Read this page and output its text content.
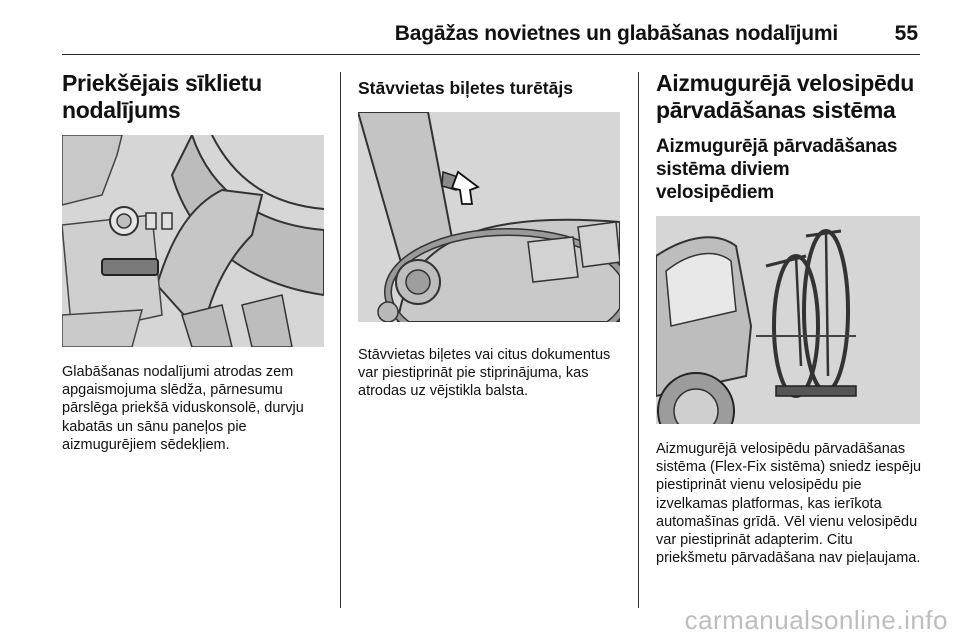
Bagāžas novietnes un glabāšanas nodalījumi	55
Priekšējais sīklietu nodalījums

Glabāšanas nodalījumi atrodas zem apgaismojuma slēdža, pārnesumu pārslēga priekšā viduskonsolē, durvju kabatās un sānu paneļos pie aizmugurējiem sēdekļiem.

Stāvvietas biļetes turētājs

Stāvvietas biļetes vai citus dokumentus var piestiprināt pie stiprinājuma, kas atrodas uz vējstikla balsta.

Aizmugurējā velosipēdu pārvadāšanas sistēma
Aizmugurējā pārvadāšanas sistēma diviem velosipēdiem

Aizmugurējā velosipēdu pārvadāšanas sistēma (Flex-Fix sistēma) sniedz iespēju piestiprināt vienu velosipēdu pie izvelkamas platformas, kas ierīkota automašīnas grīdā. Vēl vienu velosipēdu var piestiprināt adapterim. Citu priekšmetu pārvadāšana nav pieļaujama.

carmanualsonline.info
